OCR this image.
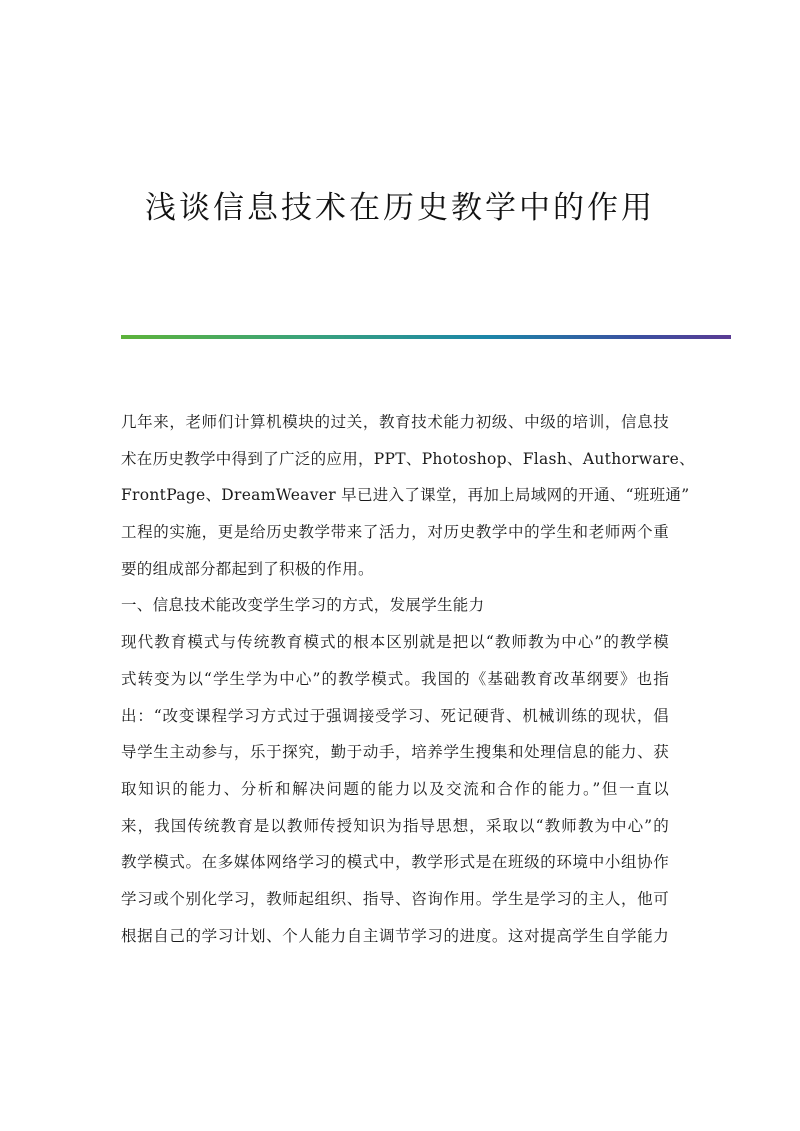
浅谈信息技术在历史教学中的作用
几年来，老师们计算机模块的过关，教育技术能力初级、中级的培训，信息技
术在历史教学中得到了广泛的应用，PPT、Photoshop、Flash、Authorware、
FrontPage、DreamWeaver 早已进入了课堂，再加上局域网的开通、“班班通”
工程的实施，更是给历史教学带来了活力，对历史教学中的学生和老师两个重
要的组成部分都起到了积极的作用。
一、信息技术能改变学生学习的方式，发展学生能力
现代教育模式与传统教育模式的根本区别就是把以“教师教为中心”的教学模
式转变为以“学生学为中心”的教学模式。我国的《基础教育改革纲要》也指
出：“改变课程学习方式过于强调接受学习、死记硬背、机械训练的现状，倡
导学生主动参与，乐于探究，勤于动手，培养学生搜集和处理信息的能力、获
取知识的能力、分析和解决问题的能力以及交流和合作的能力。”但一直以
来，我国传统教育是以教师传授知识为指导思想，采取以“教师教为中心”的
教学模式。在多媒体网络学习的模式中，教学形式是在班级的环境中小组协作
学习或个别化学习，教师起组织、指导、咨询作用。学生是学习的主人，他可
根据自己的学习计划、个人能力自主调节学习的进度。这对提高学生自学能力
